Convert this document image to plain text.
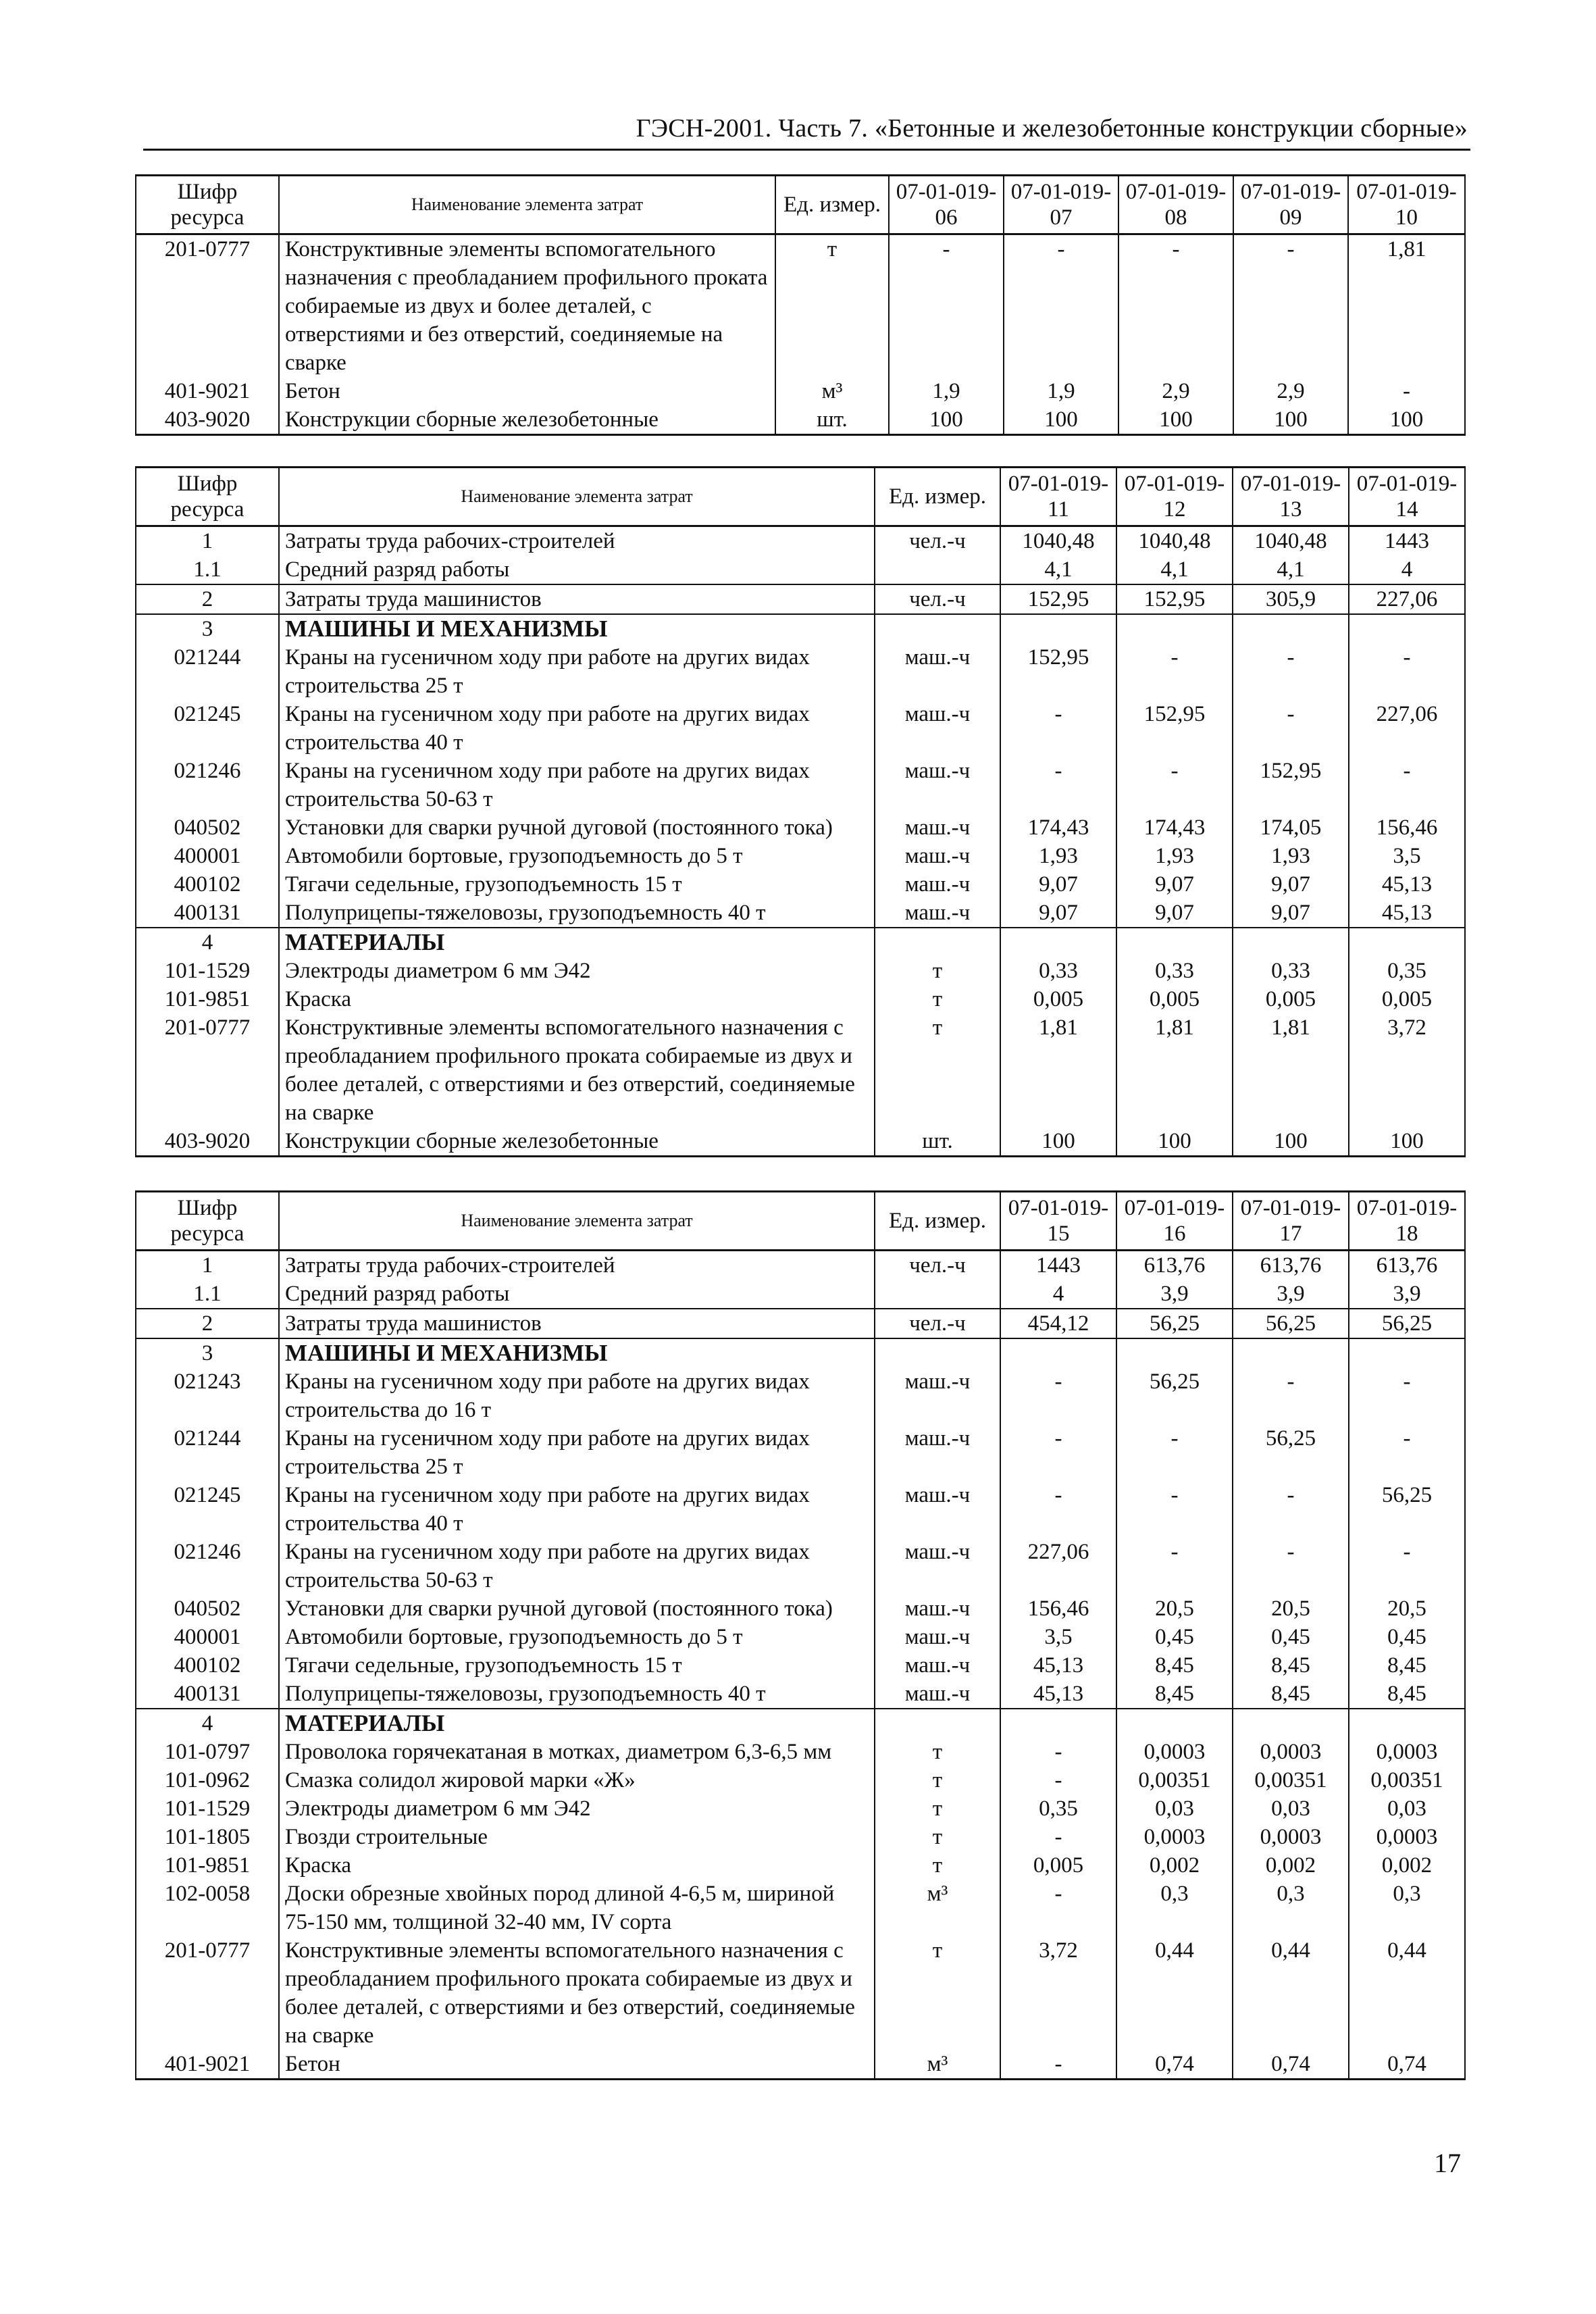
ГЭСН-2001. Часть 7. «Бетонные и железобетонные конструкции сборные»
Шифр ресурса	Наименование элемента затрат	Ед. измер.	07-01-019-06	07-01-019-07	07-01-019-08	07-01-019-09	07-01-019-10
201-0777	Конструктивные элементы вспомогательного назначения с преобладанием профильного проката собираемые из двух и более деталей, с отверстиями и без отверстий, соединяемые на сварке	т	-	-	-	-	1,81
401-9021	Бетон	м³	1,9	1,9	2,9	2,9	-
403-9020	Конструкции сборные железобетонные	шт.	100	100	100	100	100
Шифр ресурса	Наименование элемента затрат	Ед. измер.	07-01-019-11	07-01-019-12	07-01-019-13	07-01-019-14
1	Затраты труда рабочих-строителей	чел.-ч	1040,48	1040,48	1040,48	1443
1.1	Средний разряд работы		4,1	4,1	4,1	4
2	Затраты труда машинистов	чел.-ч	152,95	152,95	305,9	227,06
3	МАШИНЫ И МЕХАНИЗМЫ					
021244	Краны на гусеничном ходу при работе на других видах строительства 25 т	маш.-ч	152,95	-	-	-
021245	Краны на гусеничном ходу при работе на других видах строительства 40 т	маш.-ч	-	152,95	-	227,06
021246	Краны на гусеничном ходу при работе на других видах строительства 50-63 т	маш.-ч	-	-	152,95	-
040502	Установки для сварки ручной дуговой (постоянного тока)	маш.-ч	174,43	174,43	174,05	156,46
400001	Автомобили бортовые, грузоподъемность до 5 т	маш.-ч	1,93	1,93	1,93	3,5
400102	Тягачи седельные, грузоподъемность 15 т	маш.-ч	9,07	9,07	9,07	45,13
400131	Полуприцепы-тяжеловозы, грузоподъемность 40 т	маш.-ч	9,07	9,07	9,07	45,13
4	МАТЕРИАЛЫ					
101-1529	Электроды диаметром 6 мм Э42	т	0,33	0,33	0,33	0,35
101-9851	Краска	т	0,005	0,005	0,005	0,005
201-0777	Конструктивные элементы вспомогательного назначения с преобладанием профильного проката собираемые из двух и более деталей, с отверстиями и без отверстий, соединяемые на сварке	т	1,81	1,81	1,81	3,72
403-9020	Конструкции сборные железобетонные	шт.	100	100	100	100
Шифр ресурса	Наименование элемента затрат	Ед. измер.	07-01-019-15	07-01-019-16	07-01-019-17	07-01-019-18
1	Затраты труда рабочих-строителей	чел.-ч	1443	613,76	613,76	613,76
1.1	Средний разряд работы		4	3,9	3,9	3,9
2	Затраты труда машинистов	чел.-ч	454,12	56,25	56,25	56,25
3	МАШИНЫ И МЕХАНИЗМЫ					
021243	Краны на гусеничном ходу при работе на других видах строительства до 16 т	маш.-ч	-	56,25	-	-
021244	Краны на гусеничном ходу при работе на других видах строительства 25 т	маш.-ч	-	-	56,25	-
021245	Краны на гусеничном ходу при работе на других видах строительства 40 т	маш.-ч	-	-	-	56,25
021246	Краны на гусеничном ходу при работе на других видах строительства 50-63 т	маш.-ч	227,06	-	-	-
040502	Установки для сварки ручной дуговой (постоянного тока)	маш.-ч	156,46	20,5	20,5	20,5
400001	Автомобили бортовые, грузоподъемность до 5 т	маш.-ч	3,5	0,45	0,45	0,45
400102	Тягачи седельные, грузоподъемность 15 т	маш.-ч	45,13	8,45	8,45	8,45
400131	Полуприцепы-тяжеловозы, грузоподъемность 40 т	маш.-ч	45,13	8,45	8,45	8,45
4	МАТЕРИАЛЫ					
101-0797	Проволока горячекатаная в мотках, диаметром 6,3-6,5 мм	т	-	0,0003	0,0003	0,0003
101-0962	Смазка солидол жировой марки «Ж»	т	-	0,00351	0,00351	0,00351
101-1529	Электроды диаметром 6 мм Э42	т	0,35	0,03	0,03	0,03
101-1805	Гвозди строительные	т	-	0,0003	0,0003	0,0003
101-9851	Краска	т	0,005	0,002	0,002	0,002
102-0058	Доски обрезные хвойных пород длиной 4-6,5 м, шириной 75-150 мм, толщиной 32-40 мм, IV сорта	м³	-	0,3	0,3	0,3
201-0777	Конструктивные элементы вспомогательного назначения с преобладанием профильного проката собираемые из двух и более деталей, с отверстиями и без отверстий, соединяемые на сварке	т	3,72	0,44	0,44	0,44
401-9021	Бетон	м³	-	0,74	0,74	0,74
17
